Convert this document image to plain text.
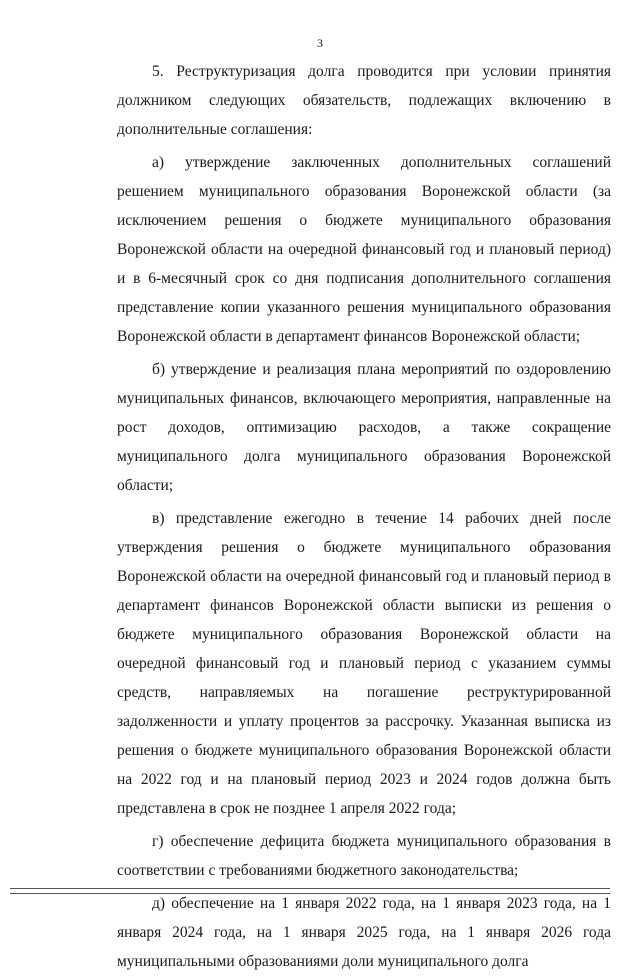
3

5. Реструктуризация долга проводится при условии принятия должником следующих обязательств, подлежащих включению в дополнительные соглашения:

а) утверждение заключенных дополнительных соглашений решением муниципального образования Воронежской области (за исключением решения о бюджете муниципального образования Воронежской области на очередной финансовый год и плановый период) и в 6-месячный срок со дня подписания дополнительного соглашения представление копии указанного решения муниципального образования Воронежской области в департамент финансов Воронежской области;

б) утверждение и реализация плана мероприятий по оздоровлению муниципальных финансов, включающего мероприятия, направленные на рост доходов, оптимизацию расходов, а также сокращение муниципального долга муниципального образования Воронежской области;

в) представление ежегодно в течение 14 рабочих дней после утверждения решения о бюджете муниципального образования Воронежской области на очередной финансовый год и плановый период в департамент финансов Воронежской области выписки из решения о бюджете муниципального образования Воронежской области на очередной финансовый год и плановый период с указанием суммы средств, направляемых на погашение реструктурированной задолженности и уплату процентов за рассрочку. Указанная выписка из решения о бюджете муниципального образования Воронежской области на 2022 год и на плановый период 2023 и 2024 годов должна быть представлена в срок не позднее 1 апреля 2022 года;

г) обеспечение дефицита бюджета муниципального образования в соответствии с требованиями бюджетного законодательства;

д) обеспечение на 1 января 2022 года, на 1 января 2023 года, на 1 января 2024 года, на 1 января 2025 года, на 1 января 2026 года муниципальными образованиями доли муниципального долга
